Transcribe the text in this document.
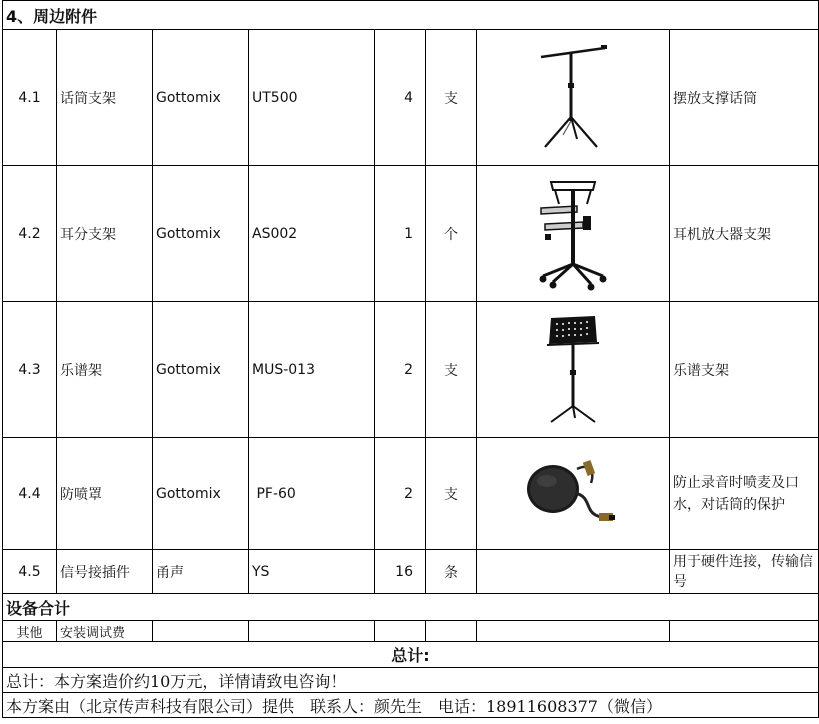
4、周边附件							
4.1	话筒支架	Gottomix	UT500	4	支		摆放支撑话筒
4.2	耳分支架	Gottomix	AS002	1	个		耳机放大器支架
4.3	乐谱架	Gottomix	MUS-013	2	支		乐谱支架
4.4	防喷罩	Gottomix	PF-60	2	支		防止录音时喷麦及口水，对话筒的保护
4.5	信号接插件	甬声	YS	16	条		用于硬件连接，传输信号
设备合计							
其他	安装调试费						
总计:							
总计：本方案造价约10万元，详情请致电咨询！							
本方案由（北京传声科技有限公司）提供　联系人：颜先生　电话：18911608377（微信）							
